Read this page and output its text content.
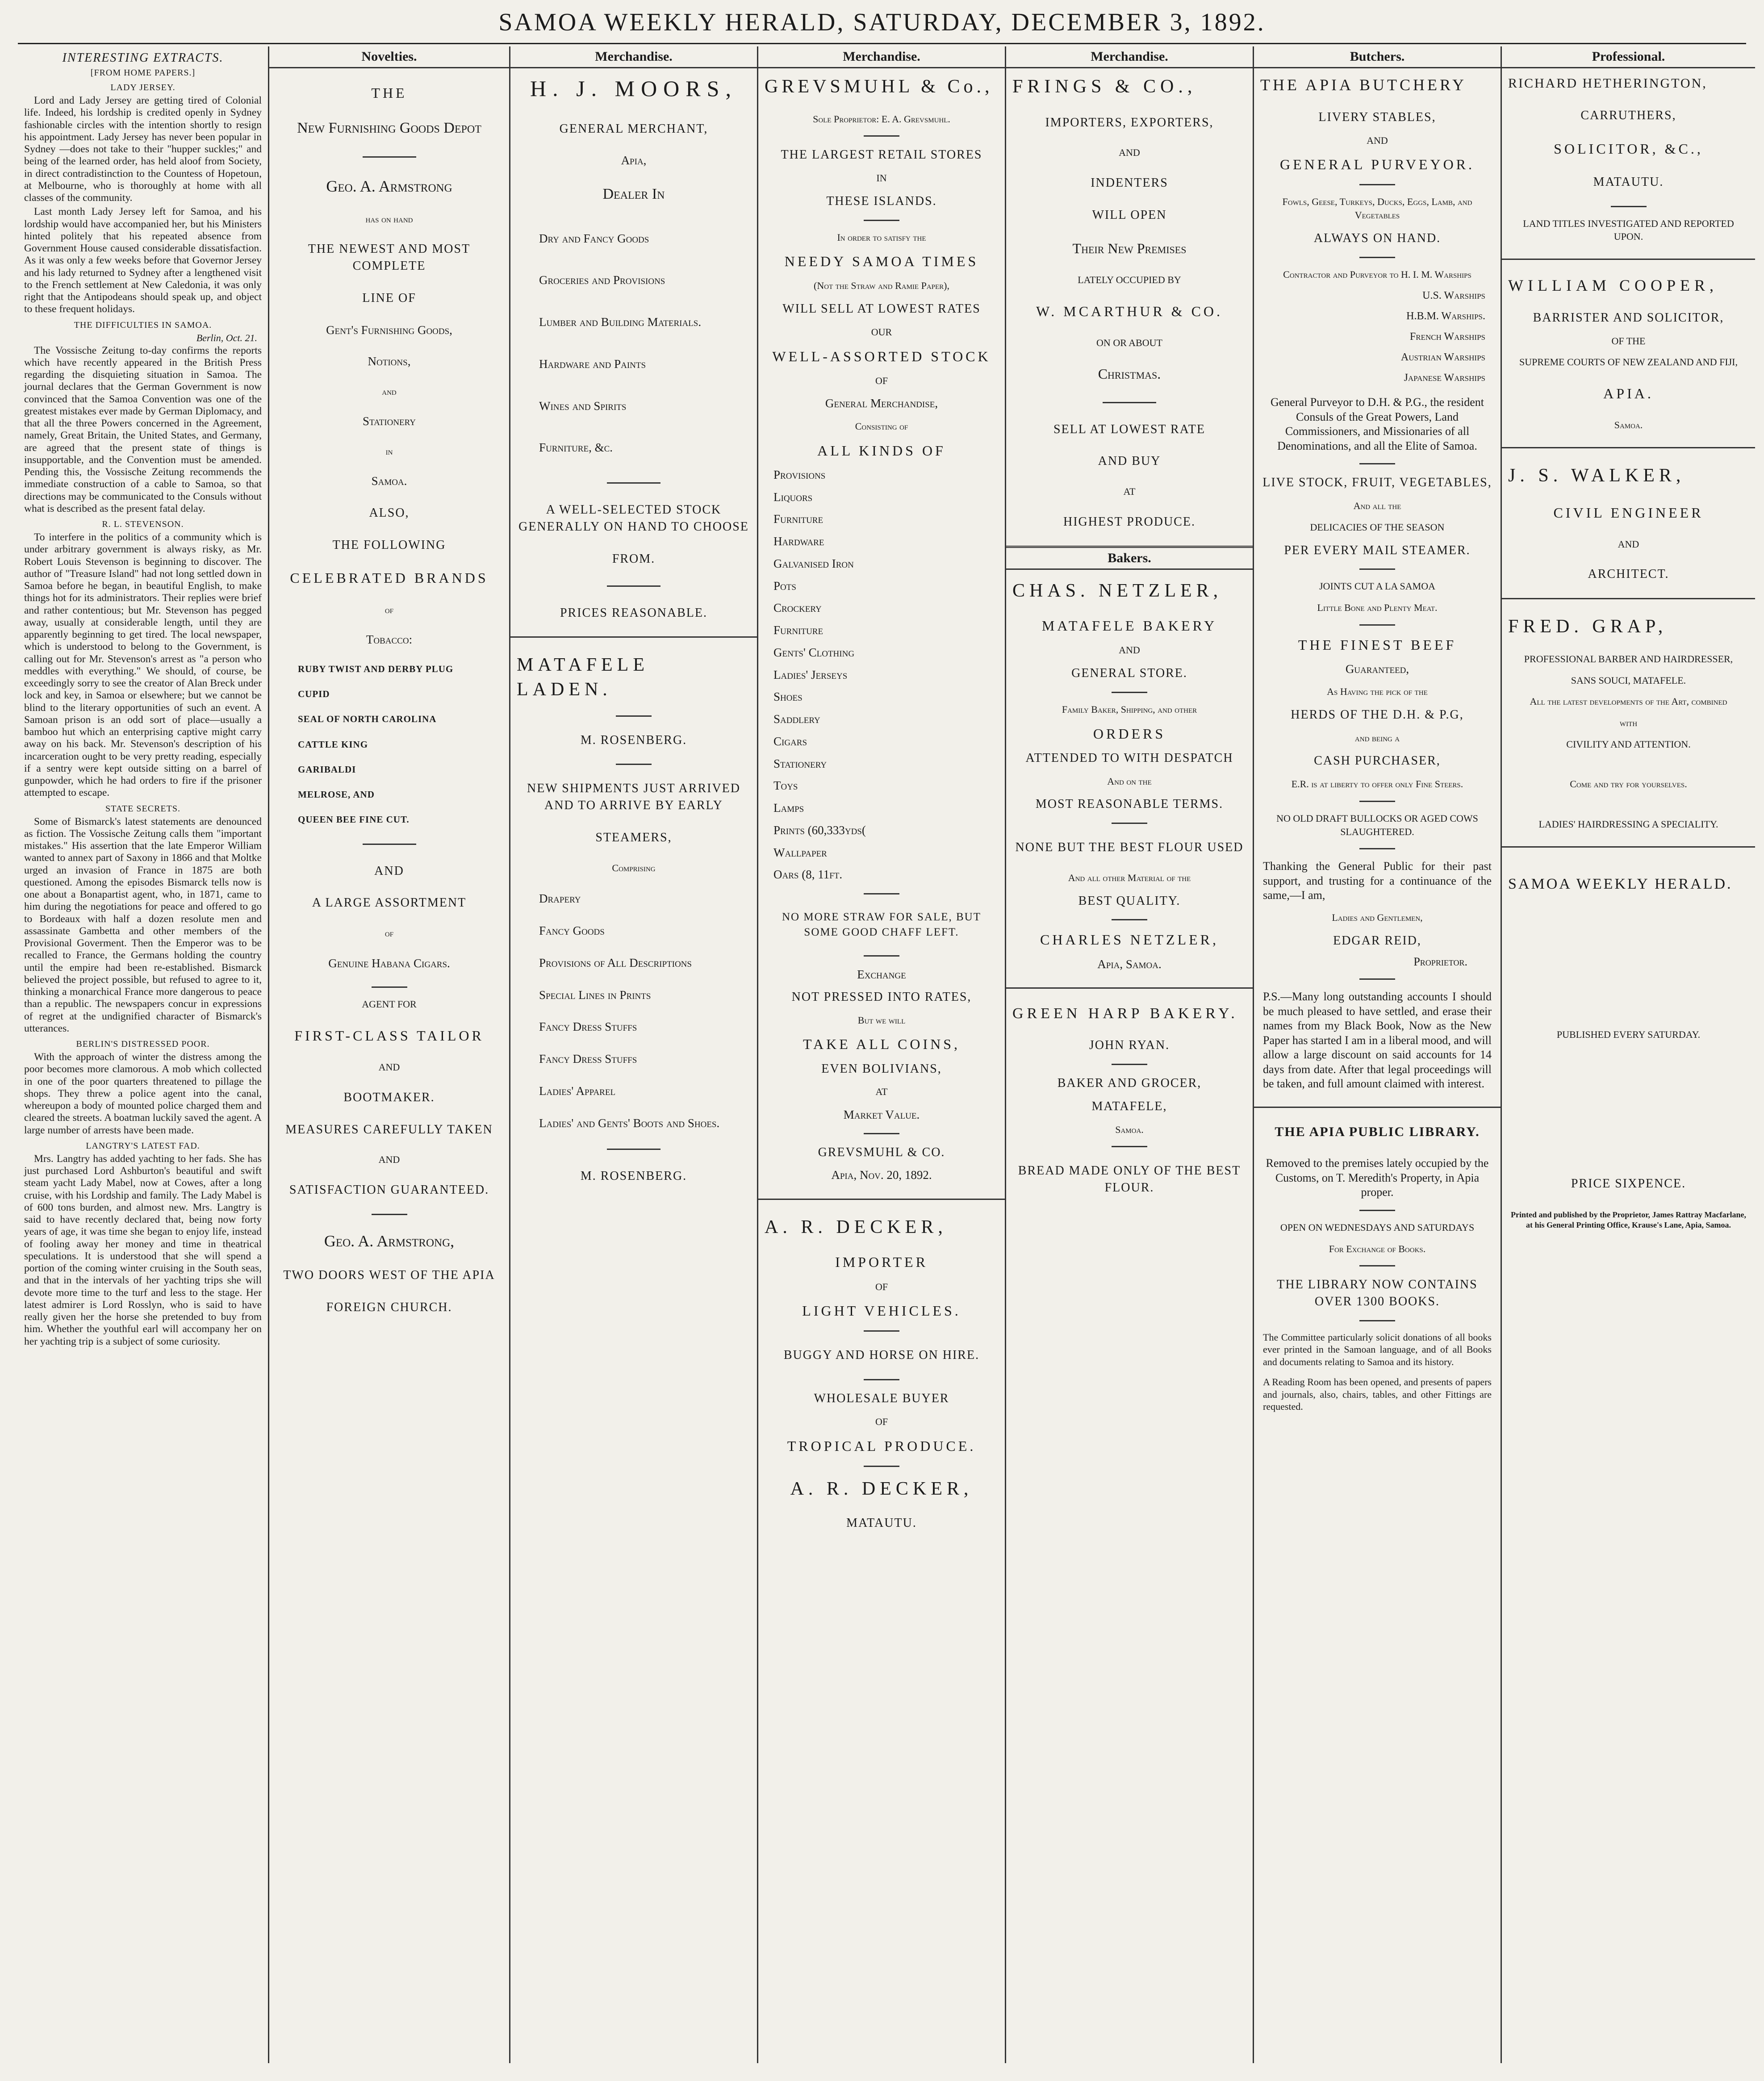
SAMOA WEEKLY HERALD, SATURDAY, DECEMBER 3, 1892.
INTERESTING EXTRACTS.
[FROM HOME PAPERS.]
LADY JERSEY.

Lord and Lady Jersey are getting tired of Colonial life. Indeed, his lordship is credited openly in Sydney fashionable circles with the intention shortly to resign his appointment. Lady Jersey has never been popular in Sydney —does not take to their "hupper suckles;" and being of the learned order, has held aloof from Society, in direct contradistinction to the Countess of Hopetoun, at Melbourne, who is thoroughly at home with all classes of the community.

Last month Lady Jersey left for Samoa, and his lordship would have accompanied her, but his Ministers hinted politely that his repeated absence from Government House caused considerable dissatisfaction. As it was only a few weeks before that Governor Jersey and his lady returned to Sydney after a lengthened visit to the French settlement at New Caledonia, it was only right that the Antipodeans should speak up, and object to these frequent holidays.

THE DIFFICULTIES IN SAMOA.
Berlin, Oct. 21.

The Vossische Zeitung to-day confirms the reports which have recently appeared in the British Press regarding the disquieting situation in Samoa. The journal declares that the German Government is now convinced that the Samoa Convention was one of the greatest mistakes ever made by German Diplomacy, and that all the three Powers concerned in the Agreement, namely, Great Britain, the United States, and Germany, are agreed that the present state of things is insupportable, and the Convention must be amended. Pending this, the Vossische Zeitung recommends the immediate construction of a cable to Samoa, so that directions may be communicated to the Consuls without what is described as the present fatal delay.

R. L. STEVENSON.

To interfere in the politics of a community which is under arbitrary government is always risky, as Mr. Robert Louis Stevenson is beginning to discover. The author of "Treasure Island" had not long settled down in Samoa before he began, in beautiful English, to make things hot for its administrators. Their replies were brief and rather contentious; but Mr. Stevenson has pegged away, usually at considerable length, until they are apparently beginning to get tired. The local newspaper, which is understood to belong to the Government, is calling out for Mr. Stevenson's arrest as "a person who meddles with everything." We should, of course, be exceedingly sorry to see the creator of Alan Breck under lock and key, in Samoa or elsewhere; but we cannot be blind to the literary opportunities of such an event. A Samoan prison is an odd sort of place—usually a bamboo hut which an enterprising captive might carry away on his back. Mr. Stevenson's description of his incarceration ought to be very pretty reading, especially if a sentry were kept outside sitting on a barrel of gunpowder, which he had orders to fire if the prisoner attempted to escape.

STATE SECRETS.

Some of Bismarck's latest statements are denounced as fiction. The Vossische Zeitung calls them "important mistakes." His assertion that the late Emperor William wanted to annex part of Saxony in 1866 and that Moltke urged an invasion of France in 1875 are both questioned. Among the episodes Bismarck tells now is one about a Bonapartist agent, who, in 1871, came to him during the negotiations for peace and offered to go to Bordeaux with half a dozen resolute men and assassinate Gambetta and other members of the Provisional Goverment. Then the Emperor was to be recalled to France, the Germans holding the country until the empire had been re-established. Bismarck believed the project possible, but refused to agree to it, thinking a monarchical France more dangerous to peace than a republic. The newspapers concur in expressions of regret at the undignified character of Bismarck's utterances.

BERLIN'S DISTRESSED POOR.

With the approach of winter the distress among the poor becomes more clamorous. A mob which collected in one of the poor quarters threatened to pillage the shops. They threw a police agent into the canal, whereupon a body of mounted police charged them and cleared the streets. A boatman luckily saved the agent. A large number of arrests have been made.

LANGTRY'S LATEST FAD.

Mrs. Langtry has added yachting to her fads. She has just purchased Lord Ashburton's beautiful and swift steam yacht Lady Mabel, now at Cowes, after a long cruise, with his Lordship and family. The Lady Mabel is of 600 tons burden, and almost new. Mrs. Langtry is said to have recently declared that, being now forty years of age, it was time she began to enjoy life, instead of fooling away her money and time in theatrical speculations. It is understood that she will spend a portion of the coming winter cruising in the South seas, and that in the intervals of her yachting trips she will devote more time to the turf and less to the stage. Her latest admirer is Lord Rosslyn, who is said to have really given her the horse she pretended to buy from him. Whether the youthful earl will accompany her on her yachting trip is a subject of some curiosity.

Novelties.
THE
New Furnishing Goods Depot
Geo. A. Armstrong
has on hand
THE NEWEST AND MOST COMPLETE
LINE OF
Gent's Furnishing Goods,
Notions,
and
Stationery
in
Samoa.
ALSO,
THE FOLLOWING
CELEBRATED BRANDS
of
Tobacco:
RUBY TWIST AND DERBY PLUG
CUPID
SEAL OF NORTH CAROLINA
CATTLE KING
GARIBALDI
MELROSE, AND
QUEEN BEE FINE CUT.
AND
A LARGE ASSORTMENT
of
Genuine Habana Cigars.
AGENT FOR
FIRST-CLASS TAILOR
AND
BOOTMAKER.
MEASURES CAREFULLY TAKEN
AND
SATISFACTION GUARANTEED.
Geo. A. Armstrong,
TWO DOORS WEST OF THE APIA
FOREIGN CHURCH.
Merchandise.
H. J. MOORS,
GENERAL MERCHANT,
Apia,
Dealer In
Dry and Fancy Goods
Groceries and Provisions
Lumber and Building Materials.
Hardware and Paints
Wines and Spirits
Furniture, &c.
A WELL-SELECTED STOCK GENERALLY ON HAND TO CHOOSE
FROM.
PRICES REASONABLE.
MATAFELE LADEN.
M. ROSENBERG.
NEW SHIPMENTS JUST ARRIVED AND TO ARRIVE BY EARLY
STEAMERS,
Comprising
Drapery
Fancy Goods
Provisions of All Descriptions
Special Lines in Prints
Fancy Dress Stuffs
Fancy Dress Stuffs
Ladies' Apparel
Ladies' and Gents' Boots and Shoes.
M. ROSENBERG.
Merchandise.
GREVSMUHL & Co.,
Sole Proprietor: E. A. Grevsmuhl.
THE LARGEST RETAIL STORES
IN
THESE ISLANDS.
In order to satisfy the
NEEDY SAMOA TIMES
(Not the Straw and Ramie Paper),
WILL SELL AT LOWEST RATES
OUR
WELL-ASSORTED STOCK
OF
General Merchandise,
Consisting of
ALL KINDS OF
Provisions
Liquors
Furniture
Hardware
Galvanised Iron
Pots
Crockery
Furniture
Gents' Clothing
Ladies' Jerseys
Shoes
Saddlery
Cigars
Stationery
Toys
Lamps
Prints (60,333yds(
Wallpaper
Oars (8, 11ft.
NO MORE STRAW FOR SALE, BUT SOME GOOD CHAFF LEFT.
Exchange
NOT PRESSED INTO RATES,
But we will
TAKE ALL COINS,
EVEN BOLIVIANS,
AT
Market Value.
GREVSMUHL & CO.
Apia, Nov. 20, 1892.
A. R. DECKER,
IMPORTER
OF
LIGHT VEHICLES.
BUGGY AND HORSE ON HIRE.
WHOLESALE BUYER
OF
TROPICAL PRODUCE.
A. R. DECKER,
MATAUTU.
Merchandise.
FRINGS & CO.,
IMPORTERS, EXPORTERS,
AND
INDENTERS
WILL OPEN
Their New Premises
LATELY OCCUPIED BY
W. MCARTHUR & CO.
ON OR ABOUT
Christmas.
SELL AT LOWEST RATE
AND BUY
AT
HIGHEST PRODUCE.
Bakers.
CHAS. NETZLER,
MATAFELE BAKERY
AND
GENERAL STORE.
Family Baker, Shipping, and other
ORDERS
ATTENDED TO WITH DESPATCH
And on the
MOST REASONABLE TERMS.
NONE BUT THE BEST FLOUR USED
And all other Material of the
BEST QUALITY.
CHARLES NETZLER,
Apia, Samoa.
GREEN HARP BAKERY.
JOHN RYAN.
BAKER AND GROCER,
MATAFELE,
Samoa.
BREAD MADE ONLY OF THE BEST FLOUR.
Butchers.
THE APIA BUTCHERY
LIVERY STABLES,
AND
GENERAL PURVEYOR.
Fowls, Geese, Turkeys, Ducks, Eggs, Lamb, and Vegetables
ALWAYS ON HAND.
Contractor and Purveyor to H. I. M. Warships
U.S. Warships
H.B.M. Warships.
French Warships
Austrian Warships
Japanese Warships
General Purveyor to D.H. & P.G., the resident Consuls of the Great Powers, Land Commissioners, and Missionaries of all Denominations, and all the Elite of Samoa.
LIVE STOCK, FRUIT, VEGETABLES,
And all the
DELICACIES OF THE SEASON
PER EVERY MAIL STEAMER.
JOINTS CUT A LA SAMOA
Little Bone and Plenty Meat.
THE FINEST BEEF
Guaranteed,
As Having the pick of the
HERDS OF THE D.H. & P.G,
and being a
CASH PURCHASER,
E.R. is at liberty to offer only Fine Steers.
NO OLD DRAFT BULLOCKS OR AGED COWS SLAUGHTERED.
Thanking the General Public for their past support, and trusting for a continuance of the same,—I am,
Ladies and Gentlemen,
EDGAR REID,
Proprietor.
P.S.—Many long outstanding accounts I should be much pleased to have settled, and erase their names from my Black Book, Now as the New Paper has started I am in a liberal mood, and will allow a large discount on said accounts for 14 days from date. After that legal proceedings will be taken, and full amount claimed with interest.
THE APIA PUBLIC LIBRARY.
Removed to the premises lately occupied by the Customs, on T. Meredith's Property, in Apia proper.
OPEN ON WEDNESDAYS AND SATURDAYS
For Exchange of Books.
THE LIBRARY NOW CONTAINS OVER 1300 BOOKS.
The Committee particularly solicit donations of all books ever printed in the Samoan language, and of all Books and documents relating to Samoa and its history.
A Reading Room has been opened, and presents of papers and journals, also, chairs, tables, and other Fittings are requested.
Professional.
RICHARD HETHERINGTON,
CARRUTHERS,
SOLICITOR, &C.,
MATAUTU.
LAND TITLES INVESTIGATED AND REPORTED UPON.
WILLIAM COOPER,
BARRISTER AND SOLICITOR,
OF THE
SUPREME COURTS OF NEW ZEALAND AND FIJI,
APIA.
Samoa.
J. S. WALKER,
CIVIL ENGINEER
AND
ARCHITECT.
FRED. GRAP,
PROFESSIONAL BARBER AND HAIRDRESSER,
SANS SOUCI, MATAFELE.
All the latest developments of the Art, combined
with
CIVILITY AND ATTENTION.
Come and try for yourselves.
LADIES' HAIRDRESSING A SPECIALITY.
SAMOA WEEKLY HERALD.
PUBLISHED EVERY SATURDAY.
PRICE SIXPENCE.
Printed and published by the Proprietor, James Rattray Macfarlane, at his General Printing Office, Krause's Lane, Apia, Samoa.
